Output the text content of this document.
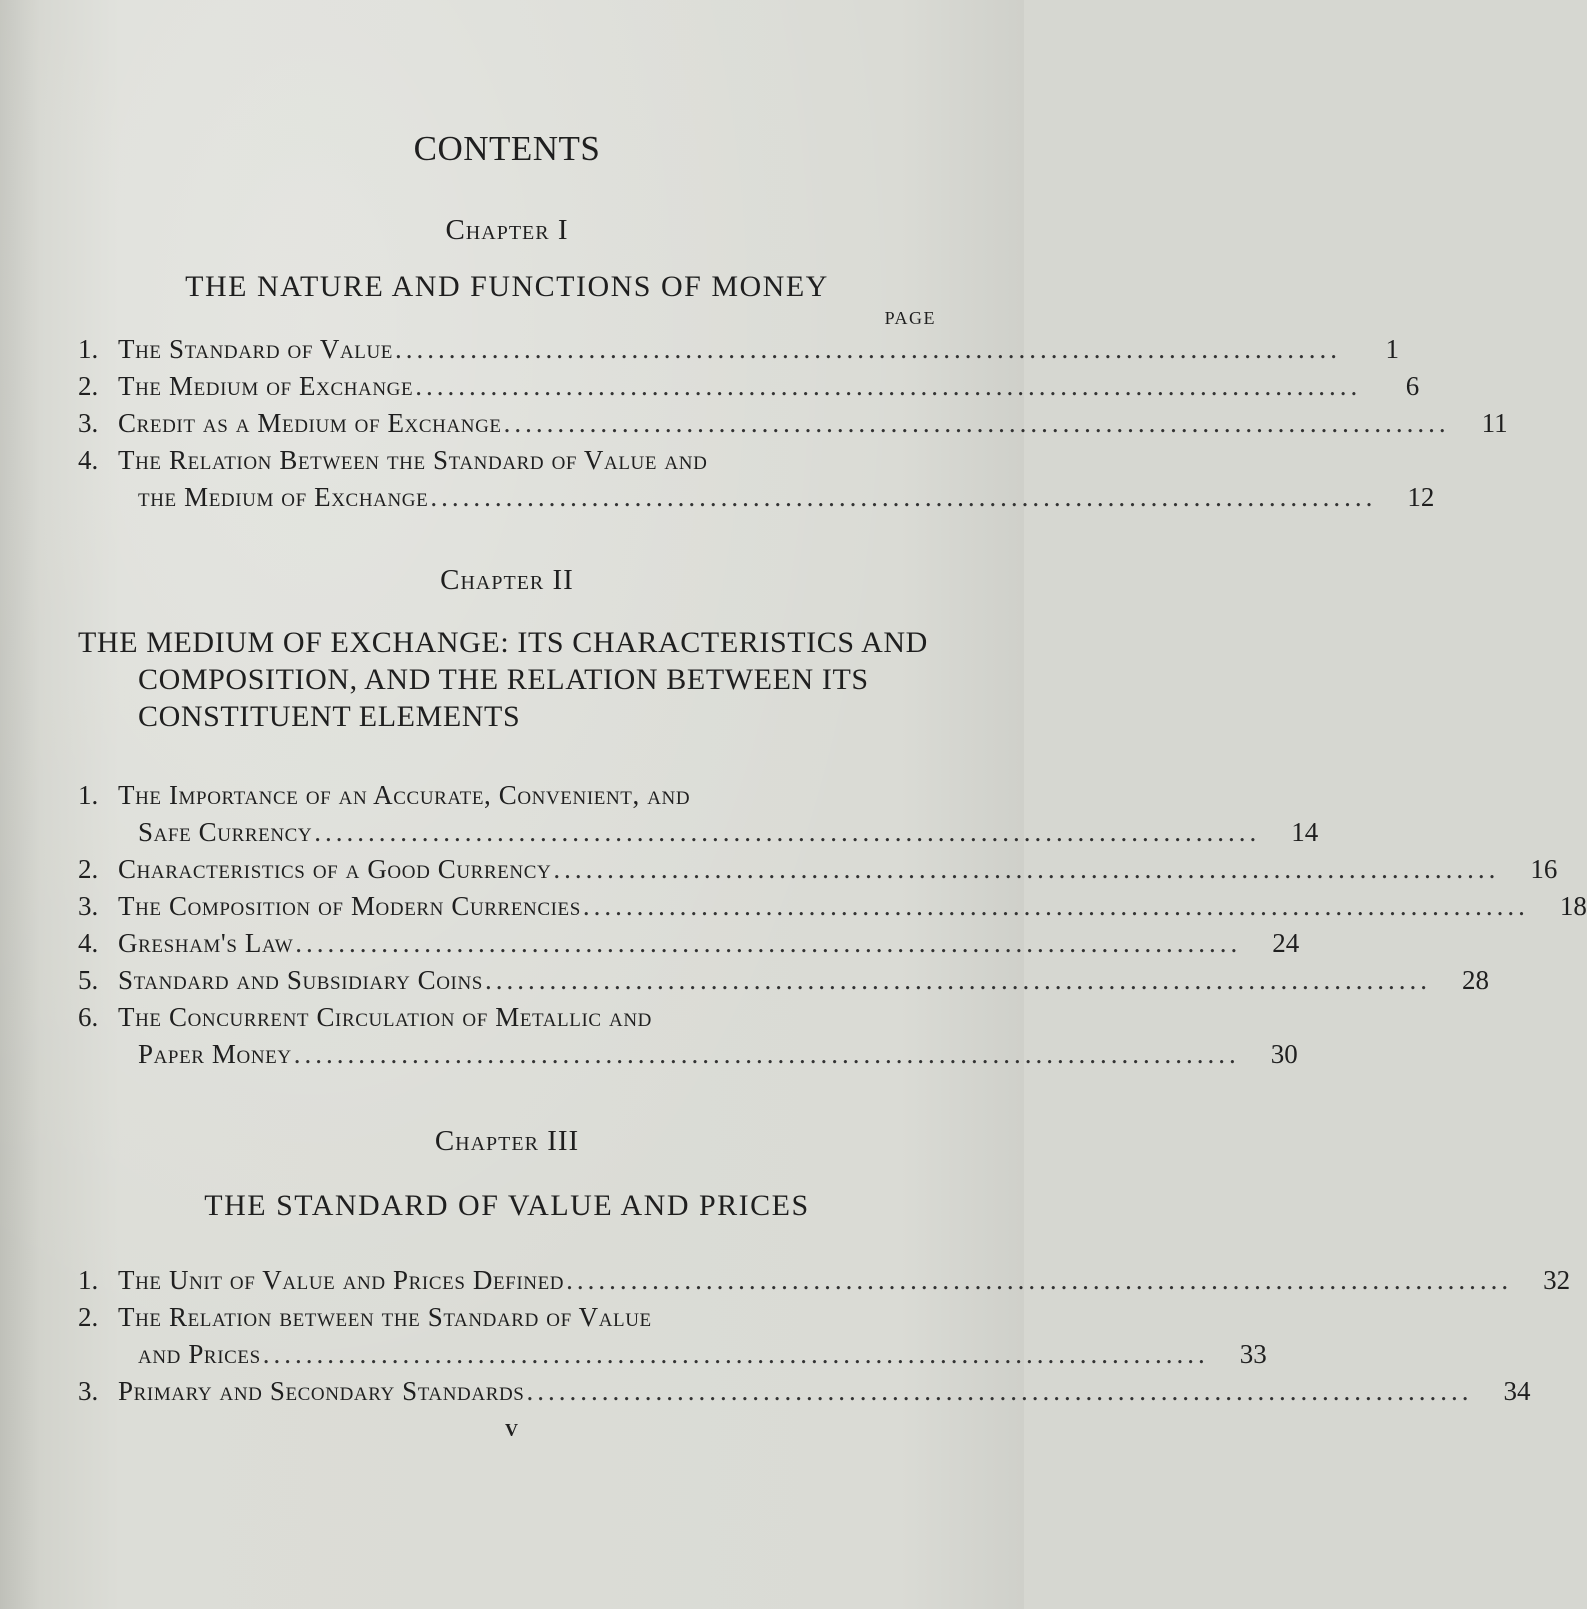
CONTENTS
Chapter I
THE NATURE AND FUNCTIONS OF MONEY
PAGE
1. The Standard of Value ........................................................................................	1
2. The Medium of Exchange ........................................................................................	6
3. Credit as a Medium of Exchange ........................................................................................	11
4. The Relation Between the Standard of Value and
the Medium of Exchange ........................................................................................	12
Chapter II
THE MEDIUM OF EXCHANGE: ITS CHARACTERISTICS AND COMPOSITION, AND THE RELATION BETWEEN ITS CONSTITUENT ELEMENTS
1. The Importance of an Accurate, Convenient, and
Safe Currency ........................................................................................	14
2. Characteristics of a Good Currency ........................................................................................	16
3. The Composition of Modern Currencies ........................................................................................	18
4. Gresham's Law ........................................................................................	24
5. Standard and Subsidiary Coins ........................................................................................	28
6. The Concurrent Circulation of Metallic and
Paper Money ........................................................................................	30
Chapter III
THE STANDARD OF VALUE AND PRICES
1. The Unit of Value and Prices Defined ........................................................................................	32
2. The Relation between the Standard of Value
and Prices ........................................................................................	33
3. Primary and Secondary Standards ........................................................................................	34
v
